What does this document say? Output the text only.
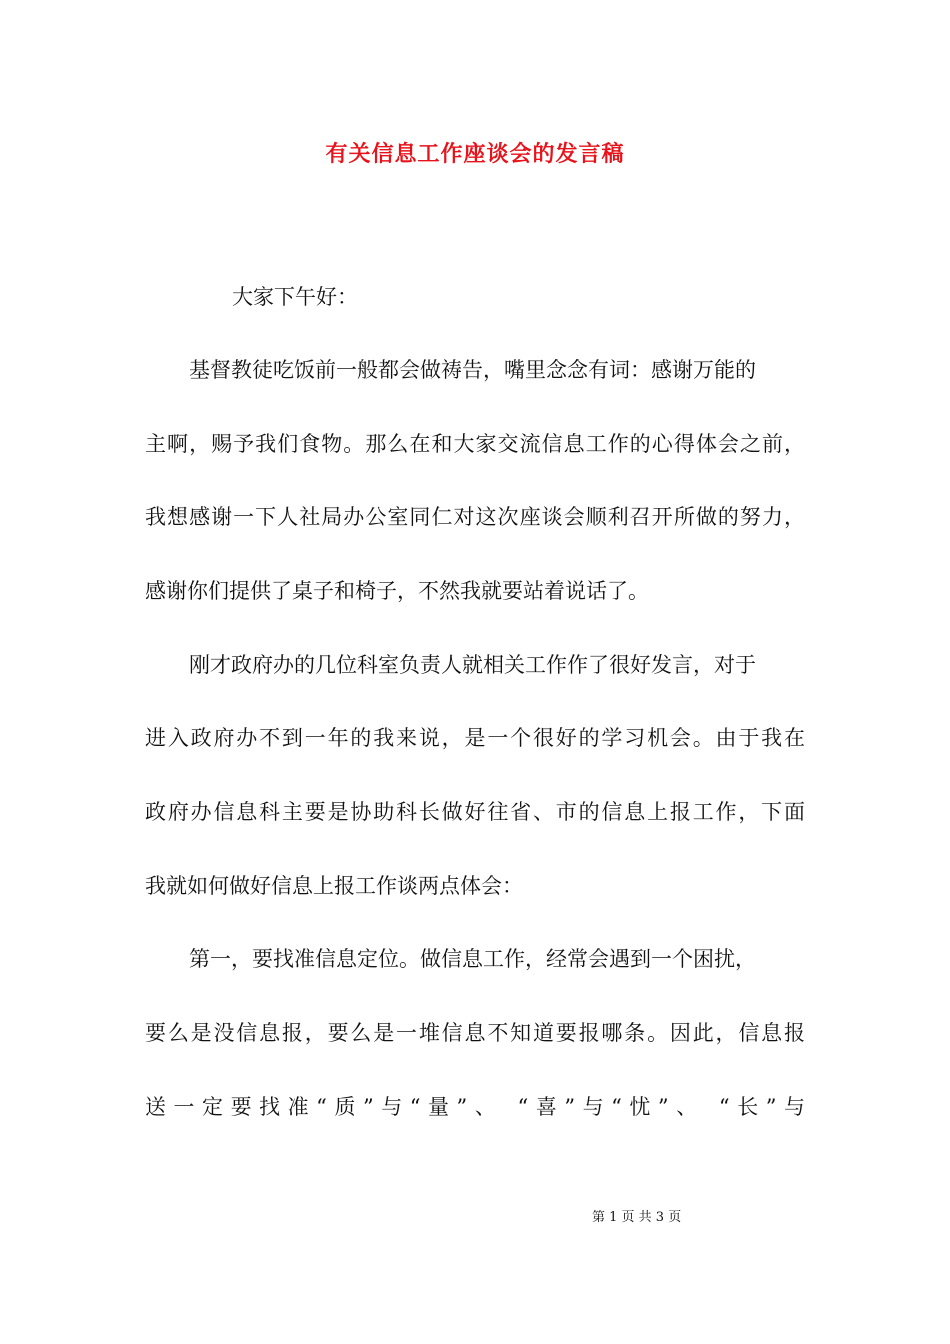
有关信息工作座谈会的发言稿
大家下午好：
基督教徒吃饭前一般都会做祷告，嘴里念念有词：感谢万能的
主啊，赐予我们食物。那么在和大家交流信息工作的心得体会之前，
我想感谢一下人社局办公室同仁对这次座谈会顺利召开所做的努力，
感谢你们提供了桌子和椅子，不然我就要站着说话了。
刚才政府办的几位科室负责人就相关工作作了很好发言，对于
进入政府办不到一年的我来说，是一个很好的学习机会。由于我在
政府办信息科主要是协助科长做好往省、市的信息上报工作，下面
我就如何做好信息上报工作谈两点体会：
第一，要找准信息定位。做信息工作，经常会遇到一个困扰，
要么是没信息报，要么是一堆信息不知道要报哪条。因此，信息报
送一定要找准“质”与“量”、 “喜”与“忧”、 “长”与
第 1 页 共 3 页
